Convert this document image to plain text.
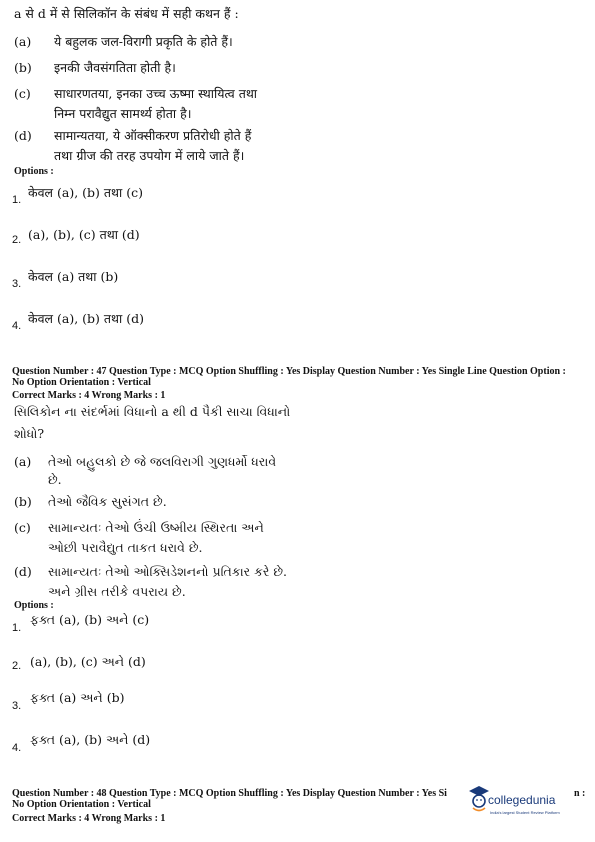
a से d में से सिलिकॉन के संबंध में सही कथन हैं :
(a) ये बहुलक जल-विरागी प्रकृति के होते हैं।
(b) इनकी जैवसंगतिता होती है।
(c) साधारणतया, इनका उच्च ऊष्मा स्थायित्व तथा
निम्न परावैद्युत सामर्थ्य होता है।
(d) सामान्यतया, ये ऑक्सीकरण प्रतिरोधी होते हैं
तथा ग्रीज की तरह उपयोग में लाये जाते हैं।
Options :
1. केवल (a), (b) तथा (c)
2. (a), (b), (c) तथा (d)
3. केवल (a) तथा (b)
4. केवल (a), (b) तथा (d)
Question Number : 47 Question Type : MCQ Option Shuffling : Yes Display Question Number : Yes Single Line Question Option :
No Option Orientation : Vertical
Correct Marks : 4 Wrong Marks : 1
સિલિકોન ના સંદર્ભમાં વિધાનો a થી d પૈકી સાચા વિધાનો
શોધો?
(a) તેઓ બહુલકો છે જે જલવિરાગી ગુણધર્મો ધરાવે
છે.
(b) તેઓ જૈવિક સુસંગત છે.
(c) સામાન્યતઃ તેઓ ઉંચી ઉષ્મીય સ્થિરતા અને
ઓછી પરાવૈદ્યુત તાકત ધરાવે છે.
(d) સામાન્યતઃ તેઓ ઓક્સિડેશનનો પ્રતિકાર કરે છે.
અને ગ્રીસ તરીકે વપરાય છે.
Options :
1.
ફક્ત (a), (b) અને (c)
2. (a), (b), (c) અને (d)
3.
ફક્ત (a) અને (b)
4.
ફક્ત (a), (b) અને (d)
Question Number : 48 Question Type : MCQ Option Shuffling : Yes Display Question Number : Yes Si	n :
No Option Orientation : Vertical
Correct Marks : 4 Wrong Marks : 1
collegedunia
India's largest Student Review Platform
